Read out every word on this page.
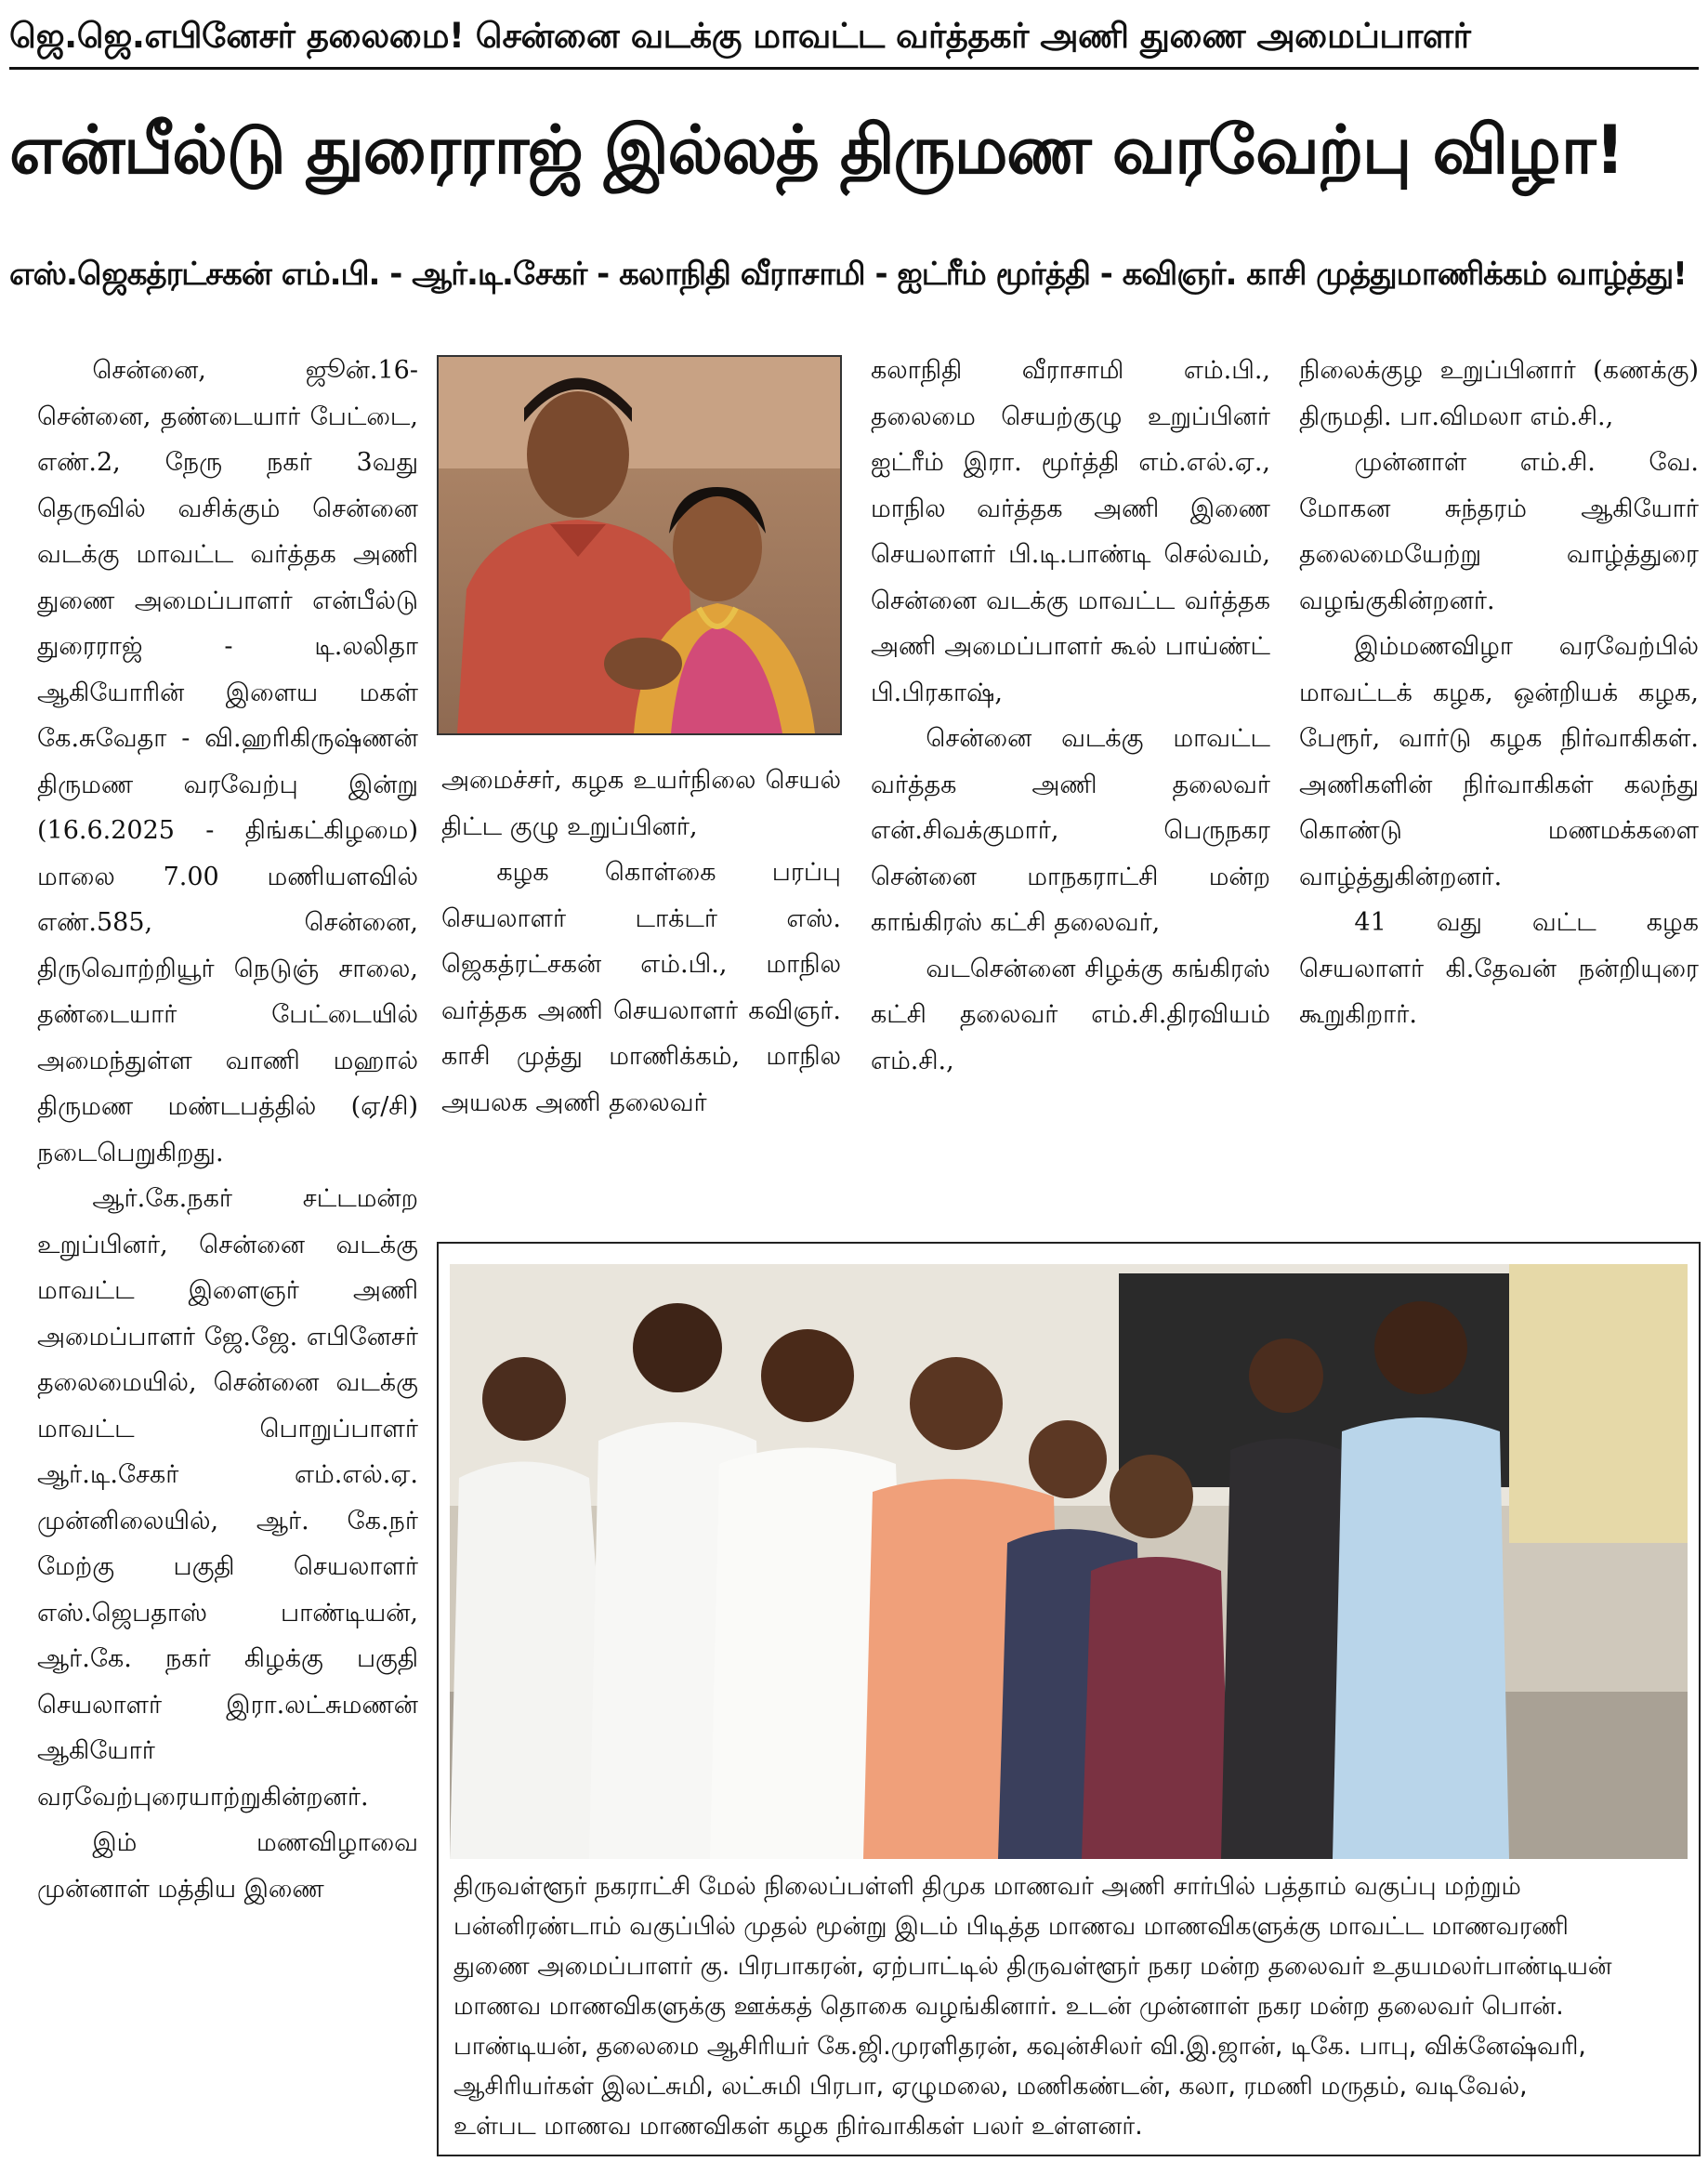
ஜெ.ஜெ.எபினேசர் தலைமை! சென்னை வடக்கு மாவட்ட வர்த்தகர் அணி துணை அமைப்பாளர்
என்பீல்டு துரைராஜ் இல்லத் திருமண வரவேற்பு விழா!
எஸ்.ஜெகத்ரட்சகன் எம்.பி. - ஆர்.டி.சேகர் - கலாநிதி வீராசாமி - ஐட்ரீம் மூர்த்தி - கவிஞர். காசி முத்துமாணிக்கம் வாழ்த்து!

சென்னை, ஜூன்.16- சென்னை, தண்டையார் பேட்டை, எண்.2, நேரு நகர் 3வது தெருவில் வசிக்கும் சென்னை வடக்கு மாவட்ட வர்த்தக அணி துணை அமைப்பாளர் என்பீல்டு துரைராஜ் - டி.லலிதா ஆகியோரின் இளைய மகள் கே.சுவேதா - வி.ஹரிகிருஷ்ணன் திருமண வரவேற்பு இன்று (16.6.2025 - திங்கட்கிழமை) மாலை 7.00 மணியளவில் எண்.585, சென்னை, திருவொற்றியூர் நெடுஞ் சாலை, தண்டையார் பேட்டையில் அமைந்துள்ள வாணி மஹால் திருமண மண்டபத்தில் (ஏ/சி) நடைபெறுகிறது.

ஆர்.கே.நகர் சட்டமன்ற உறுப்பினர், சென்னை வடக்கு மாவட்ட இளைஞர் அணி அமைப்பாளர் ஜே.ஜே. எபினேசர் தலைமையில், சென்னை வடக்கு மாவட்ட பொறுப்பாளர் ஆர்.டி.சேகர் எம்.எல்.ஏ. முன்னிலையில், ஆர். கே.நர் மேற்கு பகுதி செயலாளர் எஸ்.ஜெபதாஸ் பாண்டியன், ஆர்.கே. நகர் கிழக்கு பகுதி செயலாளர் இரா.லட்சுமணன் ஆகியோர் வரவேற்புரையாற்றுகின்றனர்.

இம் மணவிழாவை முன்னாள் மத்திய இணை

அமைச்சர், கழக உயர்நிலை செயல் திட்ட குழு உறுப்பினர்,

கழக கொள்கை பரப்பு செயலாளர் டாக்டர் எஸ். ஜெகத்ரட்சகன் எம்.பி., மாநில வர்த்தக அணி செயலாளர் கவிஞர். காசி முத்து மாணிக்கம், மாநில அயலக அணி தலைவர்

கலாநிதி வீராசாமி எம்.பி., தலைமை செயற்குழு உறுப்பினர் ஐட்ரீம் இரா. மூர்த்தி எம்.எல்.ஏ., மாநில வர்த்தக அணி இணை செயலாளர் பி.டி.பாண்டி செல்வம், சென்னை வடக்கு மாவட்ட வர்த்தக அணி அமைப்பாளர் கூல் பாய்ண்ட் பி.பிரகாஷ்,

சென்னை வடக்கு மாவட்ட வர்த்தக அணி தலைவர் என்.சிவக்குமார், பெருநகர சென்னை மாநகராட்சி மன்ற காங்கிரஸ் கட்சி தலைவர்,

வடசென்னை சிழக்கு கங்கிரஸ் கட்சி தலைவர் எம்.சி.திரவியம் எம்.சி.,

நிலைக்குழ உறுப்பினார் (கணக்கு) திருமதி. பா.விமலா எம்.சி.,

முன்னாள் எம்.சி. வே. மோகன சுந்தரம் ஆகியோர் தலைமையேற்று வாழ்த்துரை வழங்குகின்றனர்.

இம்மணவிழா வரவேற்பில் மாவட்டக் கழக, ஒன்றியக் கழக, பேரூர், வார்டு கழக நிர்வாகிகள். அணிகளின் நிர்வாகிகள் கலந்து கொண்டு மணமக்களை வாழ்த்துகின்றனர்.

41 வது வட்ட கழக செயலாளர் கி.தேவன் நன்றியுரை கூறுகிறார்.

திருவள்ளூர் நகராட்சி மேல் நிலைப்பள்ளி திமுக மாணவர் அணி சார்பில் பத்தாம் வகுப்பு மற்றும்
பன்னிரண்டாம் வகுப்பில் முதல் மூன்று இடம் பிடித்த மாணவ மாணவிகளுக்கு மாவட்ட மாணவரணி
துணை அமைப்பாளர் கு. பிரபாகரன், ஏற்பாட்டில் திருவள்ளூர் நகர மன்ற தலைவர் உதயமலர்பாண்டியன்
மாணவ மாணவிகளுக்கு ஊக்கத் தொகை வழங்கினார். உடன் முன்னாள் நகர மன்ற தலைவர் பொன்.
பாண்டியன், தலைமை ஆசிரியர் கே.ஜி.முரளிதரன், கவுன்சிலர் வி.இ.ஜான், டிகே. பாபு, விக்னேஷ்வரி,
ஆசிரியர்கள் இலட்சுமி, லட்சுமி பிரபா, ஏழுமலை, மணிகண்டன், கலா, ரமணி மருதம், வடிவேல்,
உள்பட மாணவ மாணவிகள் கழக நிர்வாகிகள் பலர் உள்ளனர்.
